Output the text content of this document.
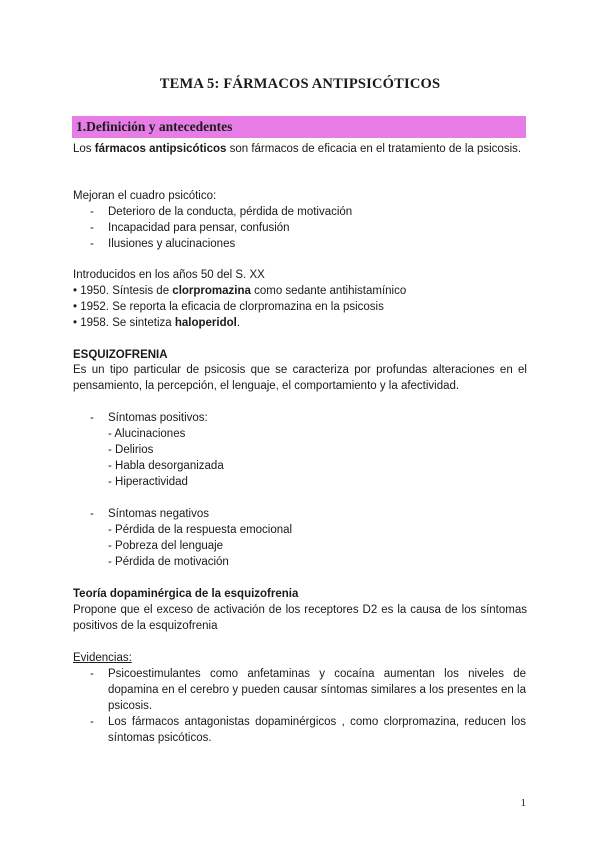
TEMA 5: FÁRMACOS ANTIPSICÓTICOS
1.Definición y antecedentes
Los fármacos antipsicóticos son fármacos de eficacia en el tratamiento de la psicosis.
Mejoran el cuadro psicótico:
- Deterioro de la conducta, pérdida de motivación
- Incapacidad para pensar, confusión
- Ilusiones y alucinaciones
Introducidos en los años 50 del S. XX
• 1950. Síntesis de clorpromazina como sedante antihistamínico
• 1952. Se reporta la eficacia de clorpromazina en la psicosis
• 1958. Se sintetiza haloperidol.
ESQUIZOFRENIA
Es un tipo particular de psicosis que se caracteriza por profundas alteraciones en el pensamiento, la percepción, el lenguaje, el comportamiento y la afectividad.
- Síntomas positivos:
- Alucinaciones
- Delirios
- Habla desorganizada
- Hiperactividad
- Síntomas negativos
- Pérdida de la respuesta emocional
- Pobreza del lenguaje
- Pérdida de motivación
Teoría dopaminérgica de la esquizofrenia
Propone que el exceso de activación de los receptores D2 es la causa de los síntomas positivos de la esquizofrenia
Evidencias:
- Psicoestimulantes como anfetaminas y cocaína aumentan los niveles de dopamina en el cerebro y pueden causar síntomas similares a los presentes en la psicosis.
- Los fármacos antagonistas dopaminérgicos , como clorpromazina, reducen los síntomas psicóticos.
1
